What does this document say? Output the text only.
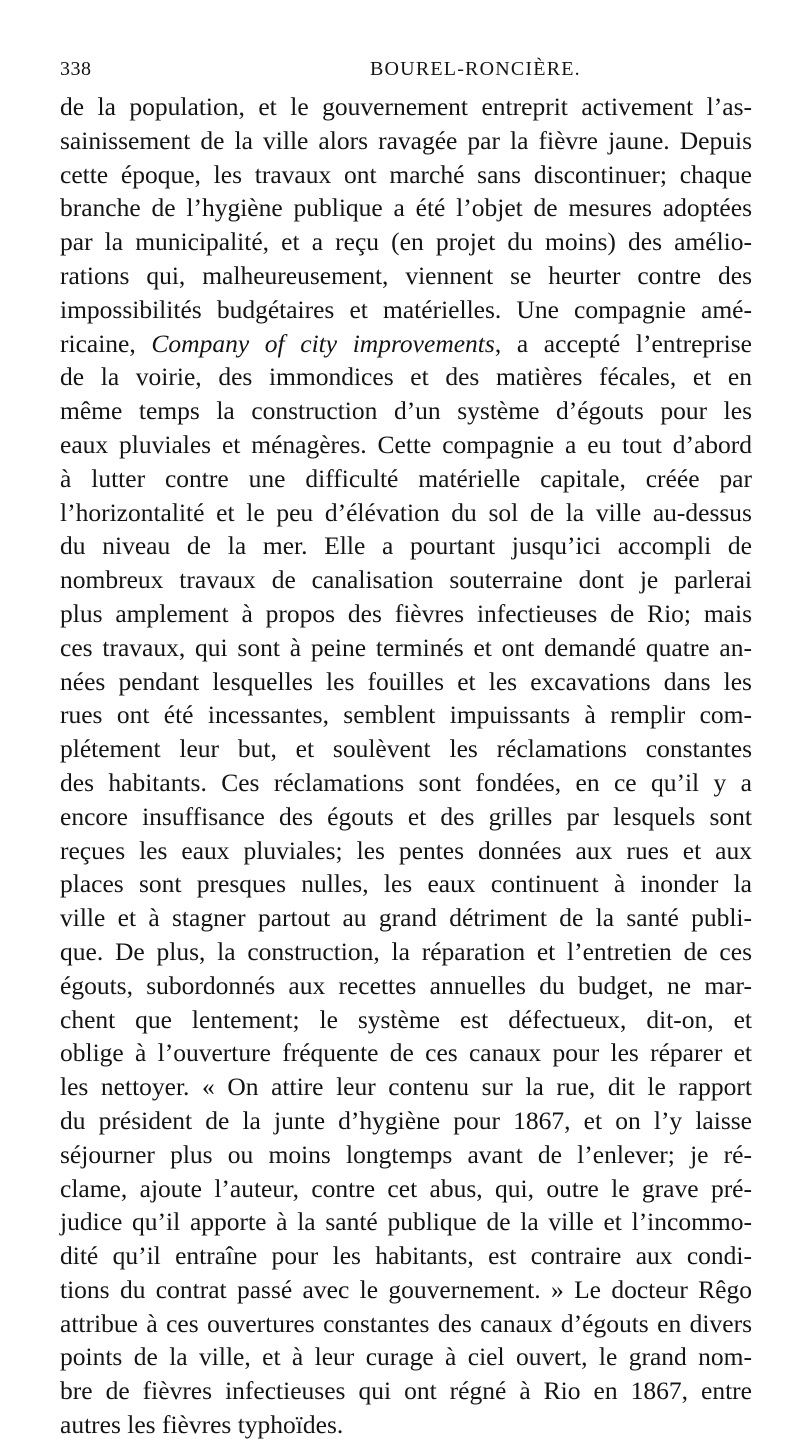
338	BOUREL-RONCIÈRE.
de la population, et le gouvernement entreprit activement l’as-
sainissement de la ville alors ravagée par la fièvre jaune. Depuis
cette époque, les travaux ont marché sans discontinuer; chaque
branche de l’hygiène publique a été l’objet de mesures adoptées
par la municipalité, et a reçu (en projet du moins) des amélio-
rations qui, malheureusement, viennent se heurter contre des
impossibilités budgétaires et matérielles. Une compagnie amé-
ricaine, Company of city improvements, a accepté l’entreprise
de la voirie, des immondices et des matières fécales, et en
même temps la construction d’un système d’égouts pour les
eaux pluviales et ménagères. Cette compagnie a eu tout d’abord
à lutter contre une difficulté matérielle capitale, créée par
l’horizontalité et le peu d’élévation du sol de la ville au-dessus
du niveau de la mer. Elle a pourtant jusqu’ici accompli de
nombreux travaux de canalisation souterraine dont je parlerai
plus amplement à propos des fièvres infectieuses de Rio; mais
ces travaux, qui sont à peine terminés et ont demandé quatre an-
nées pendant lesquelles les fouilles et les excavations dans les
rues ont été incessantes, semblent impuissants à remplir com-
plétement leur but, et soulèvent les réclamations constantes
des habitants. Ces réclamations sont fondées, en ce qu’il y a
encore insuffisance des égouts et des grilles par lesquels sont
reçues les eaux pluviales; les pentes données aux rues et aux
places sont presques nulles, les eaux continuent à inonder la
ville et à stagner partout au grand détriment de la santé publi-
que. De plus, la construction, la réparation et l’entretien de ces
égouts, subordonnés aux recettes annuelles du budget, ne mar-
chent que lentement; le système est défectueux, dit-on, et
oblige à l’ouverture fréquente de ces canaux pour les réparer et
les nettoyer. « On attire leur contenu sur la rue, dit le rapport
du président de la junte d’hygiène pour 1867, et on l’y laisse
séjourner plus ou moins longtemps avant de l’enlever; je ré-
clame, ajoute l’auteur, contre cet abus, qui, outre le grave pré-
judice qu’il apporte à la santé publique de la ville et l’incommo-
dité qu’il entraîne pour les habitants, est contraire aux condi-
tions du contrat passé avec le gouvernement. » Le docteur Rêgo
attribue à ces ouvertures constantes des canaux d’égouts en divers
points de la ville, et à leur curage à ciel ouvert, le grand nom-
bre de fièvres infectieuses qui ont régné à Rio en 1867, entre
autres les fièvres typhoïdes.
